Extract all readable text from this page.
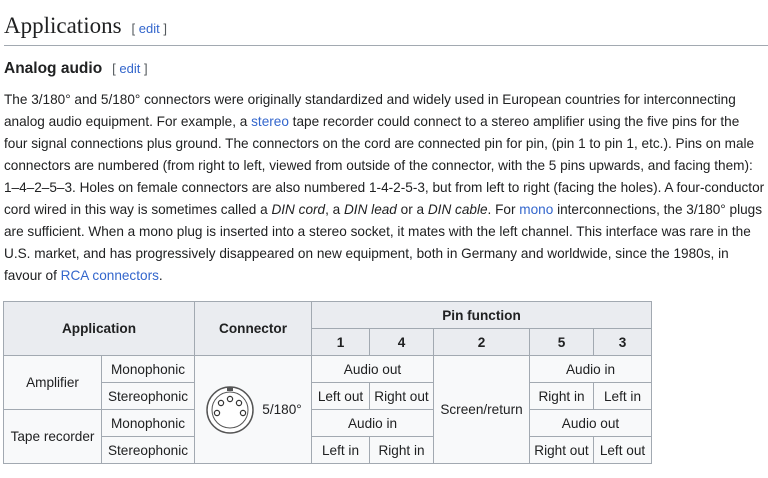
Applications [ edit ]
Analog audio [ edit ]

The 3/180° and 5/180° connectors were originally standardized and widely used in European countries for interconnecting analog audio equipment. For example, a stereo tape recorder could connect to a stereo amplifier using the five pins for the four signal connections plus ground. The connectors on the cord are connected pin for pin, (pin 1 to pin 1, etc.). Pins on male connectors are numbered (from right to left, viewed from outside of the connector, with the 5 pins upwards, and facing them): 1–4–2–5–3. Holes on female connectors are also numbered 1-4-2-5-3, but from left to right (facing the holes). A four-conductor cord wired in this way is sometimes called a DIN cord, a DIN lead or a DIN cable. For mono interconnections, the 3/180° plugs are sufficient. When a mono plug is inserted into a stereo socket, it mates with the left channel. This interface was rare in the U.S. market, and has progressively disappeared on new equipment, both in Germany and worldwide, since the 1980s, in favour of RCA connectors.

Application		Connector	Pin function				
			1	4	2	5	3
Amplifier	Monophonic	5/180°	Audio out		Screen/return	Audio in	
	Stereophonic		Left out	Right out		Right in	Left in
Tape recorder	Monophonic		Audio in			Audio out	
	Stereophonic		Left in	Right in		Right out	Left out
